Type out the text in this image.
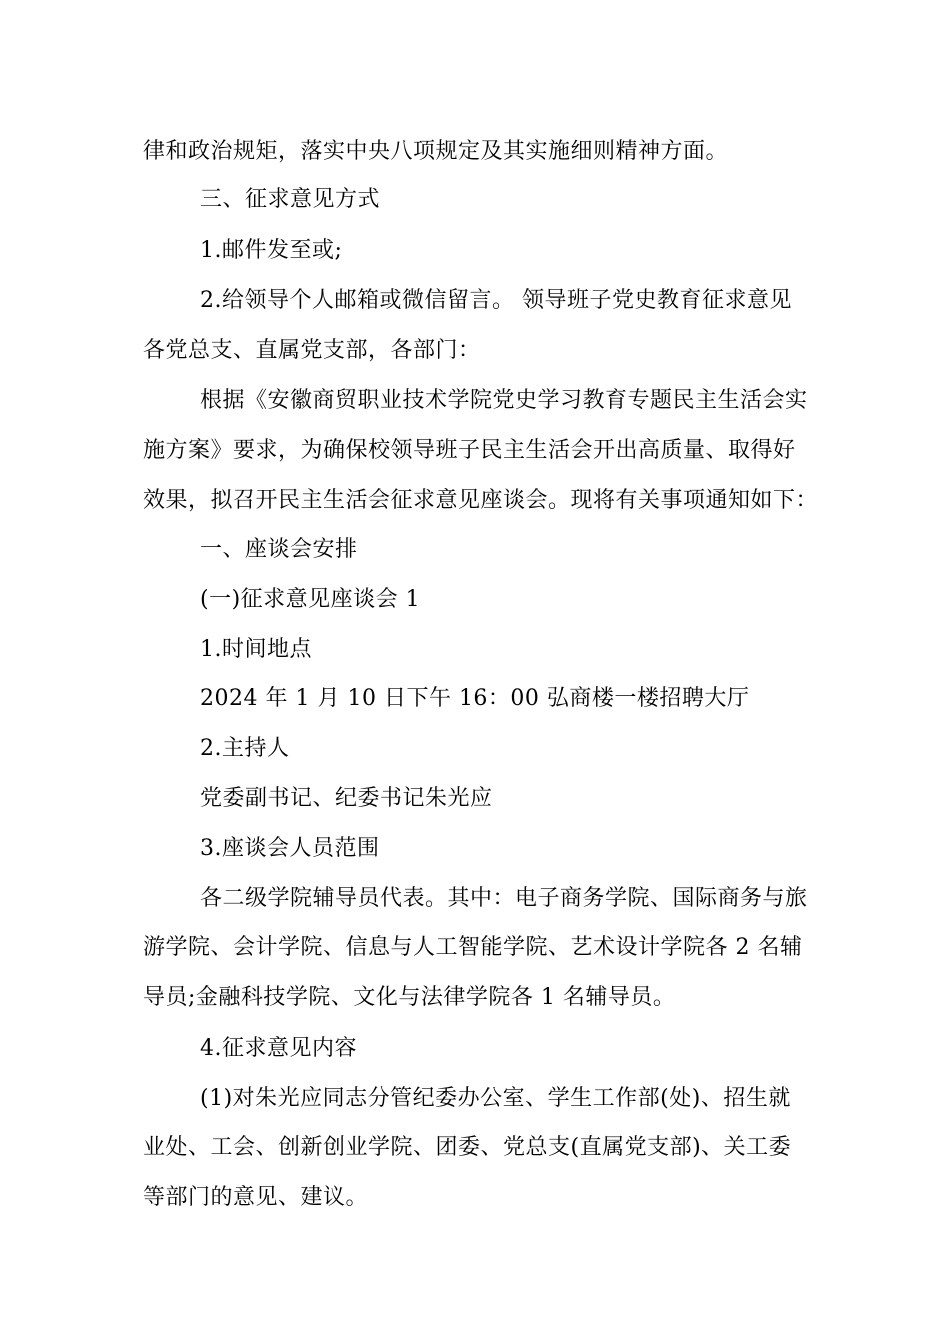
律和政治规矩，落实中央八项规定及其实施细则精神方面。
三、征求意见方式
1.邮件发至或;
2.给领导个人邮箱或微信留言。 领导班子党史教育征求意见
各党总支、直属党支部，各部门：
根据《安徽商贸职业技术学院党史学习教育专题民主生活会实
施方案》要求，为确保校领导班子民主生活会开出高质量、取得好
效果，拟召开民主生活会征求意见座谈会。现将有关事项通知如下：
一、座谈会安排
(一)征求意见座谈会 1
1.时间地点
2024 年 1 月 10 日下午 16：00 弘商楼一楼招聘大厅
2.主持人
党委副书记、纪委书记朱光应
3.座谈会人员范围
各二级学院辅导员代表。其中：电子商务学院、国际商务与旅
游学院、会计学院、信息与人工智能学院、艺术设计学院各 2 名辅
导员;金融科技学院、文化与法律学院各 1 名辅导员。
4.征求意见内容
(1)对朱光应同志分管纪委办公室、学生工作部(处)、招生就
业处、工会、创新创业学院、团委、党总支(直属党支部)、关工委
等部门的意见、建议。
